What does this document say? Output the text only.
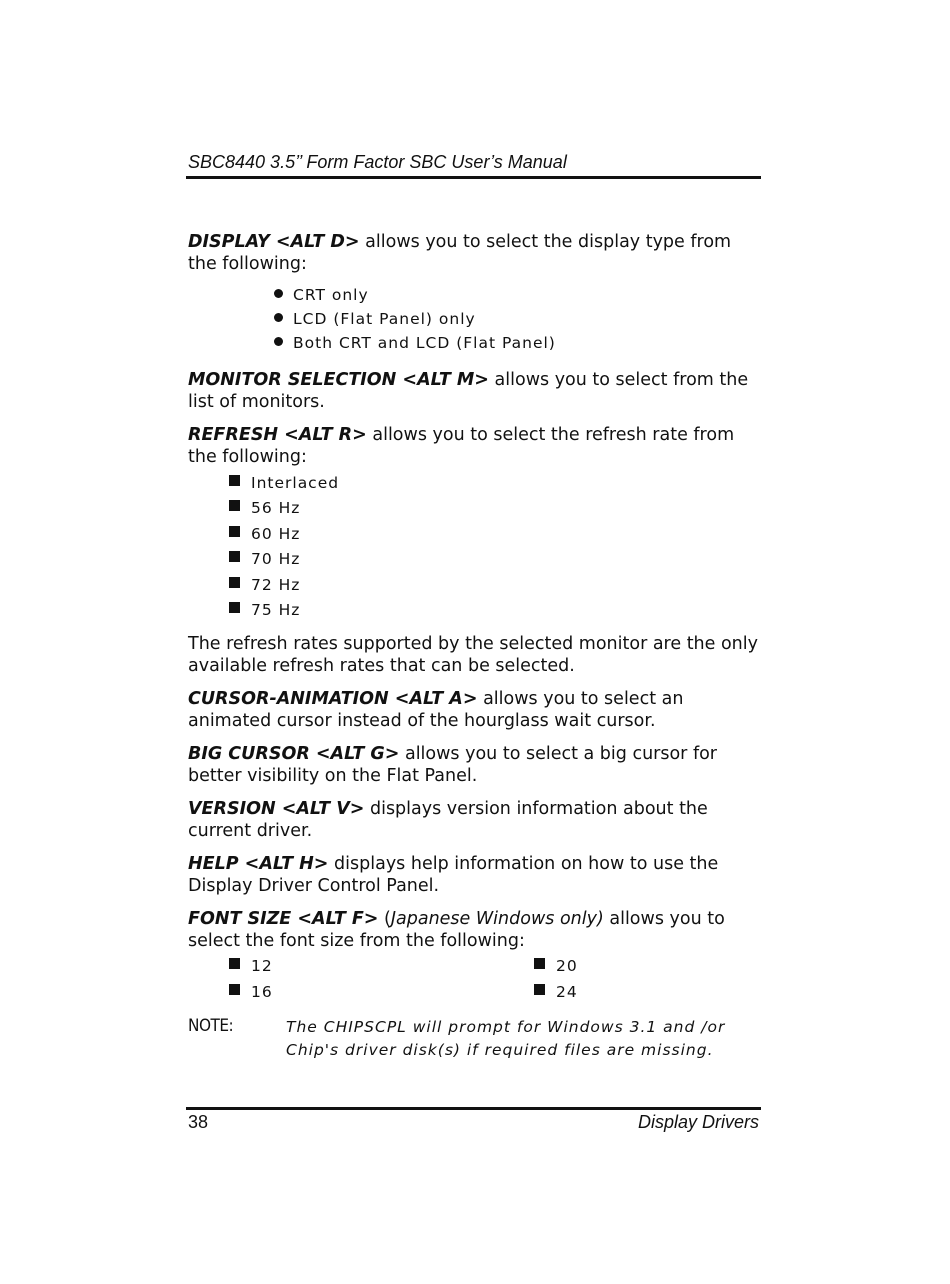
SBC8440 3.5’’ Form Factor SBC User’s Manual
DISPLAY <ALT D> allows you to select the display type from the following:
CRT only
LCD (Flat Panel) only
Both CRT and LCD (Flat Panel)
MONITOR SELECTION <ALT M> allows you to select from the list of monitors.
REFRESH <ALT R> allows you to select the refresh rate from the following:
Interlaced
56 Hz
60 Hz
70 Hz
72 Hz
75 Hz
The refresh rates supported by the selected monitor are the only available refresh rates that can be selected.
CURSOR-ANIMATION <ALT A> allows you to select an animated cursor instead of the hourglass wait cursor.
BIG CURSOR <ALT G> allows you to select a big cursor for better visibility on the Flat Panel.
VERSION <ALT V> displays version information about the current driver.
HELP <ALT H> displays help information on how to use the Display Driver Control Panel.
FONT SIZE <ALT F> (Japanese Windows only) allows you to select the font size from the following:
12
16
20
24
NOTE:	The CHIPSCPL will prompt for Windows 3.1 and /or Chip's driver disk(s) if required files are missing.
38	Display Drivers
